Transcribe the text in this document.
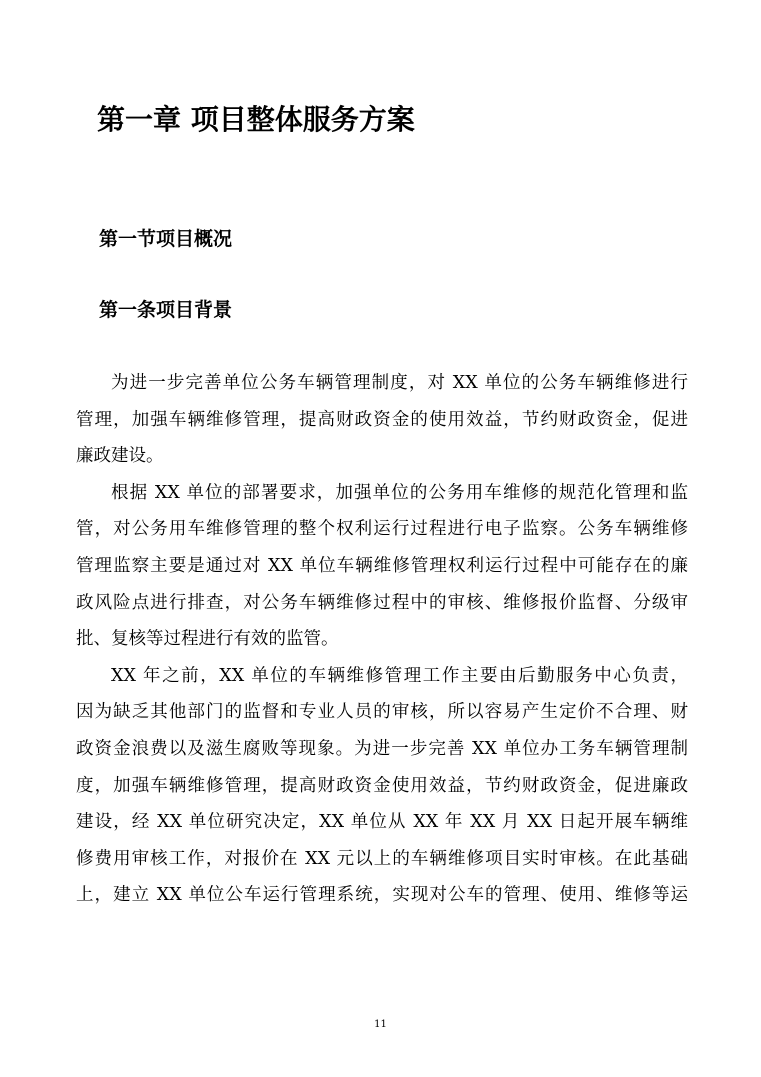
第一章 项目整体服务方案
第一节项目概况
第一条项目背景
为进一步完善单位公务车辆管理制度，对 XX 单位的公务车辆维修进行
管理，加强车辆维修管理，提高财政资金的使用效益，节约财政资金，促进
廉政建设。
根据 XX 单位的部署要求，加强单位的公务用车维修的规范化管理和监
管，对公务用车维修管理的整个权利运行过程进行电子监察。公务车辆维修
管理监察主要是通过对 XX 单位车辆维修管理权利运行过程中可能存在的廉
政风险点进行排查，对公务车辆维修过程中的审核、维修报价监督、分级审
批、复核等过程进行有效的监管。
XX 年之前，XX 单位的车辆维修管理工作主要由后勤服务中心负责，
因为缺乏其他部门的监督和专业人员的审核，所以容易产生定价不合理、财
政资金浪费以及滋生腐败等现象。为进一步完善 XX 单位办工务车辆管理制
度，加强车辆维修管理，提高财政资金使用效益，节约财政资金，促进廉政
建设，经 XX 单位研究决定，XX 单位从 XX 年 XX 月 XX 日起开展车辆维
修费用审核工作，对报价在 XX 元以上的车辆维修项目实时审核。在此基础
上，建立 XX 单位公车运行管理系统，实现对公车的管理、使用、维修等运
11
